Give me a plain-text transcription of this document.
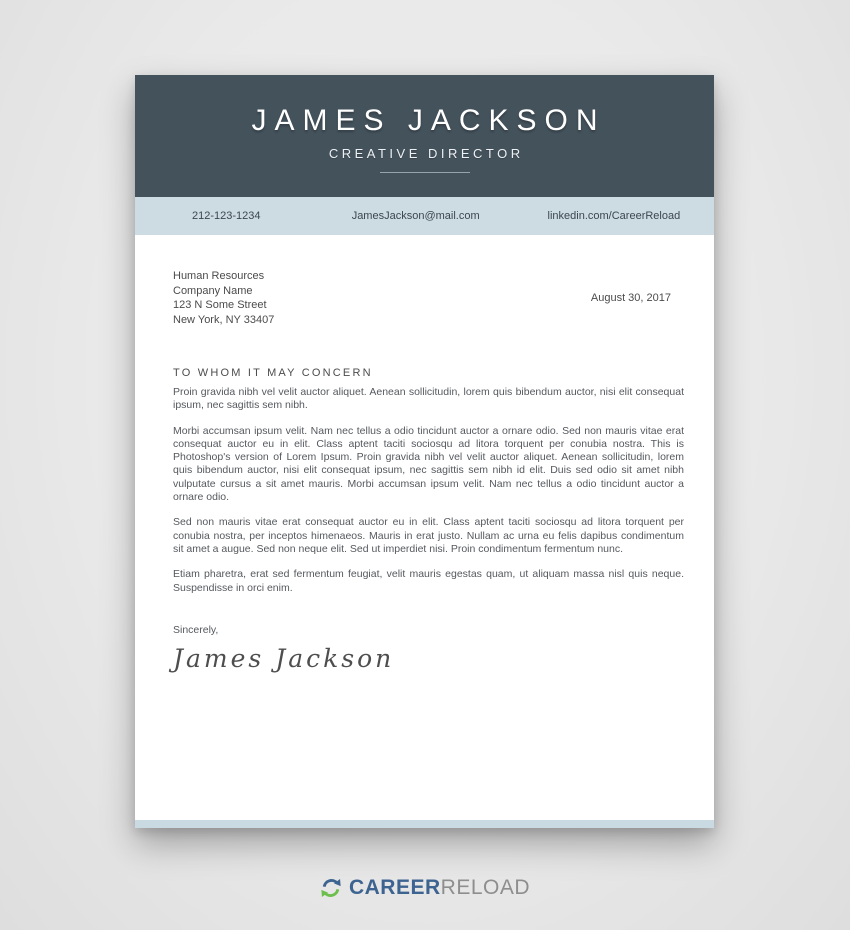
JAMES JACKSON
CREATIVE DIRECTOR
212-123-1234	JamesJackson@mail.com	linkedin.com/CareerReload
Human Resources
Company Name
123 N Some Street
New York, NY 33407
August 30, 2017
TO WHOM IT MAY CONCERN

Proin gravida nibh vel velit auctor aliquet. Aenean sollicitudin, lorem quis bibendum auctor, nisi elit consequat ipsum, nec sagittis sem nibh.

Morbi accumsan ipsum velit. Nam nec tellus a odio tincidunt auctor a ornare odio. Sed non mauris vitae erat consequat auctor eu in elit. Class aptent taciti sociosqu ad litora torquent per conubia nostra. This is Photoshop's version of Lorem Ipsum. Proin gravida nibh vel velit auctor aliquet. Aenean sollicitudin, lorem quis bibendum auctor, nisi elit consequat ipsum, nec sagittis sem nibh id elit. Duis sed odio sit amet nibh vulputate cursus a sit amet mauris. Morbi accumsan ipsum velit. Nam nec tellus a odio tincidunt auctor a ornare odio.

Sed non mauris vitae erat consequat auctor eu in elit. Class aptent taciti sociosqu ad litora torquent per conubia nostra, per inceptos himenaeos. Mauris in erat justo. Nullam ac urna eu felis dapibus condimentum sit amet a augue. Sed non neque elit. Sed ut imperdiet nisi. Proin condimentum fermentum nunc.

Etiam pharetra, erat sed fermentum feugiat, velit mauris egestas quam, ut aliquam massa nisl quis neque. Suspendisse in orci enim.

Sincerely,
James Jackson
CAREERRELOAD
